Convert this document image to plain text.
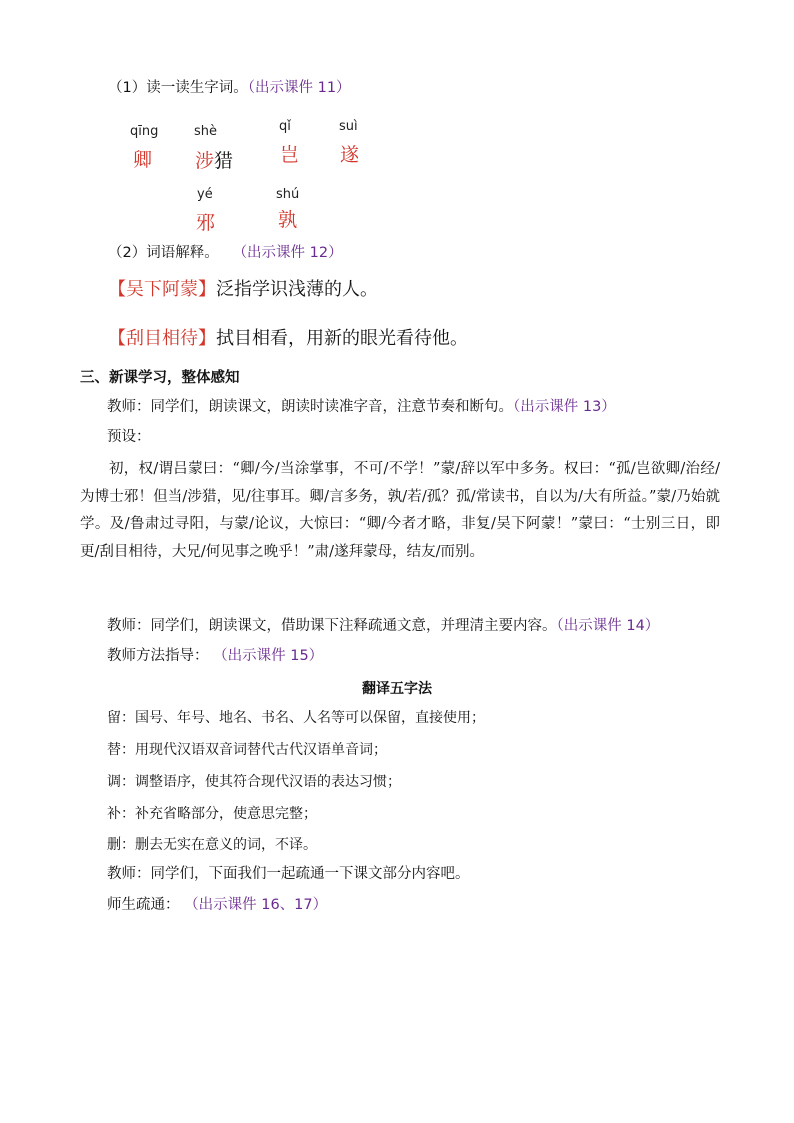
（1）读一读生字词。（出示课件 11）
qīng
卿
shè
涉猎
qǐ
岂
suì
遂
yé
邪
shú
孰
（2）词语解释。 （出示课件 12）
【吴下阿蒙】泛指学识浅薄的人。
【刮目相待】拭目相看，用新的眼光看待他。
三、新课学习，整体感知
教师：同学们，朗读课文，朗读时读准字音，注意节奏和断句。（出示课件 13）
预设：

初，权/谓吕蒙曰：“卿/今/当涂掌事，不可/不学！”蒙/辞以军中多务。权曰：“孤/岂欲卿/治经/为博士邪！但当/涉猎，见/往事耳。卿/言多务，孰/若/孤？孤/常读书，自以为/大有所益。”蒙/乃始就学。及/鲁肃过寻阳，与蒙/论议，大惊曰：“卿/今者才略，非复/吴下阿蒙！”蒙曰：“士别三日，即更/刮目相待，大兄/何见事之晚乎！”肃/遂拜蒙母，结友/而别。

教师：同学们，朗读课文，借助课下注释疏通文意，并理清主要内容。（出示课件 14）
教师方法指导： （出示课件 15）
翻译五字法
留：国号、年号、地名、书名、人名等可以保留，直接使用；
替：用现代汉语双音词替代古代汉语单音词；
调：调整语序，使其符合现代汉语的表达习惯；
补：补充省略部分，使意思完整；
删：删去无实在意义的词，不译。
教师：同学们，下面我们一起疏通一下课文部分内容吧。
师生疏通： （出示课件 16、17）
